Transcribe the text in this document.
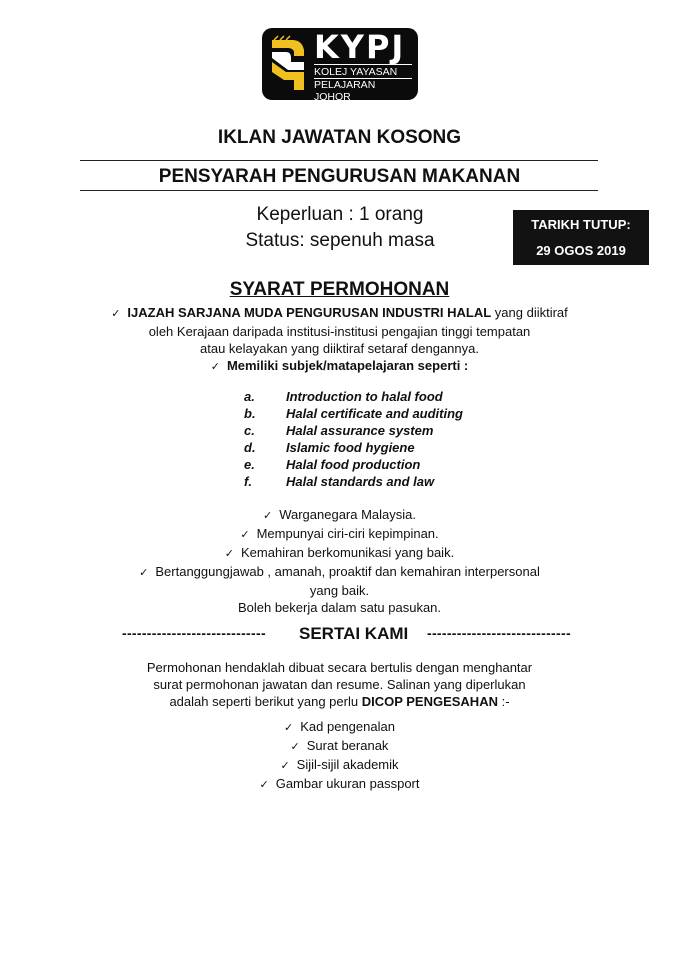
KYPJ
KOLEJ YAYASAN
PELAJARAN JOHOR
IKLAN JAWATAN KOSONG
PENSYARAH PENGURUSAN MAKANAN
Keperluan : 1 orang
Status: sepenuh masa
TARIKH TUTUP:
29 OGOS 2019
SYARAT PERMOHONAN
✓ IJAZAH SARJANA MUDA PENGURUSAN INDUSTRI HALAL yang diiktiraf
oleh Kerajaan daripada institusi-institusi pengajian tinggi tempatan
atau kelayakan yang diiktiraf setaraf dengannya.
✓ Memiliki subjek/matapelajaran seperti :
a. Introduction to halal food
b. Halal certificate and auditing
c. Halal assurance system
d. Islamic food hygiene
e. Halal food production
f.	Halal standards and law
✓ Warganegara Malaysia.
✓ Mempunyai ciri-ciri kepimpinan.
✓ Kemahiran berkomunikasi yang baik.
✓ Bertanggungjawab , amanah, proaktif dan kemahiran interpersonal
yang baik.
Boleh bekerja dalam satu pasukan.
----------------------------- SERTAI KAMI -----------------------------
Permohonan hendaklah dibuat secara bertulis dengan menghantar
surat permohonan jawatan dan resume. Salinan yang diperlukan
adalah seperti berikut yang perlu DICOP PENGESAHAN :-
✓ Kad pengenalan
✓ Surat beranak
✓ Sijil-sijil akademik
✓ Gambar ukuran passport
